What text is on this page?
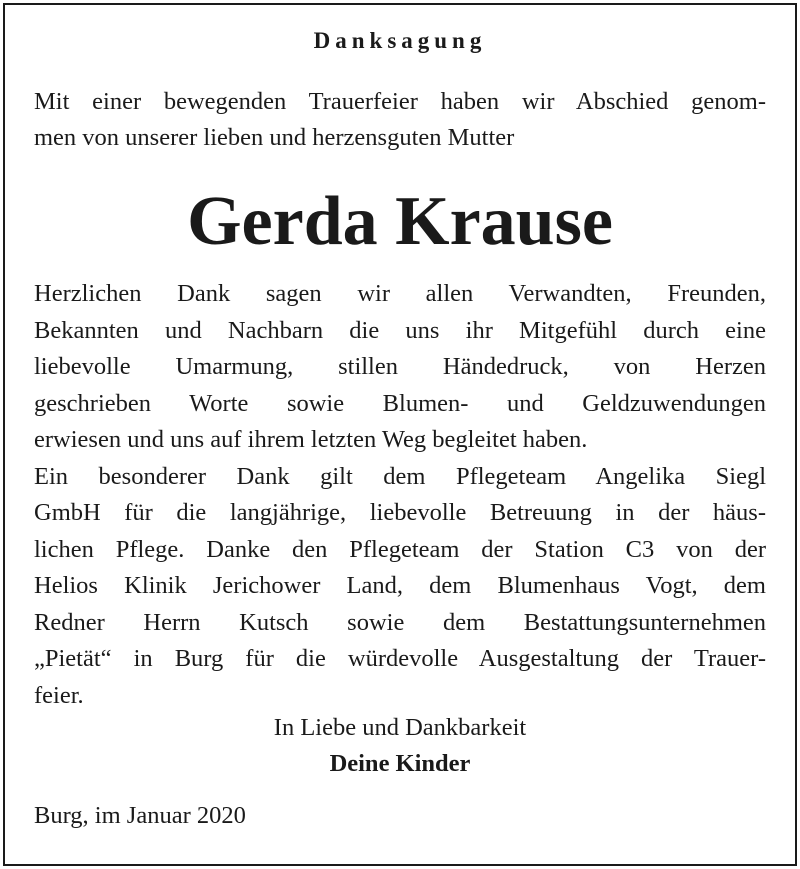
Danksagung
Mit einer bewegenden Trauerfeier haben wir Abschied genom-
men von unserer lieben und herzensguten Mutter
Gerda Krause
Herzlichen Dank sagen wir allen Verwandten, Freunden,
Bekannten und Nachbarn die uns ihr Mitgefühl durch eine
liebevolle Umarmung, stillen Händedruck, von Herzen
geschrieben Worte sowie Blumen- und Geldzuwendungen
erwiesen und uns auf ihrem letzten Weg begleitet haben.
Ein besonderer Dank gilt dem Pflegeteam Angelika Siegl
GmbH für die langjährige, liebevolle Betreuung in der häus-
lichen Pflege. Danke den Pflegeteam der Station C3 von der
Helios Klinik Jerichower Land, dem Blumenhaus Vogt, dem
Redner Herrn Kutsch sowie dem Bestattungsunternehmen
„Pietät“ in Burg für die würdevolle Ausgestaltung der Trauer-
feier.
In Liebe und Dankbarkeit
Deine Kinder
Burg, im Januar 2020
